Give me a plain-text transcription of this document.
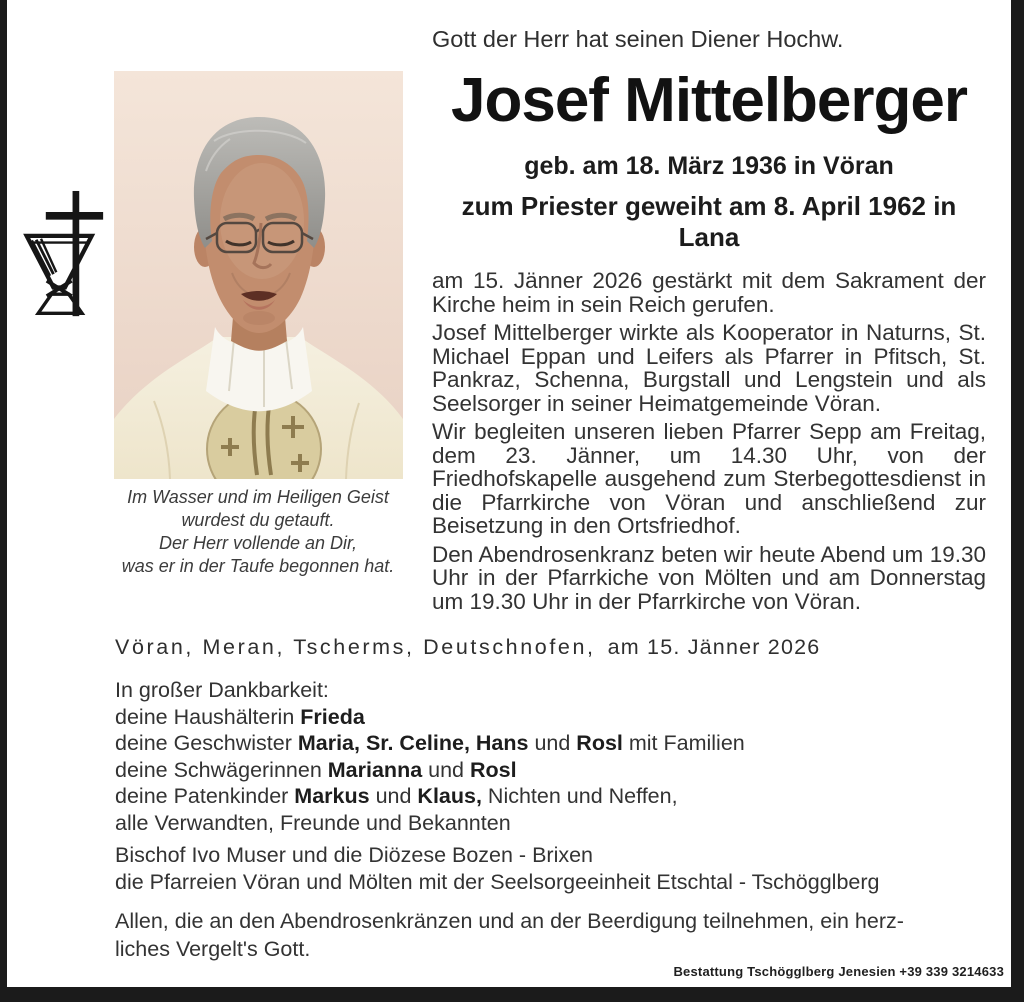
Im Wasser und im Heiligen Geist
wurdest du getauft.
Der Herr vollende an Dir,
was er in der Taufe begonnen hat.
Gott der Herr hat seinen Diener Hochw.
Josef Mittelberger
geb. am 18. März 1936 in Vöran
zum Priester geweiht am 8. April 1962 in Lana
am 15. Jänner 2026 gestärkt mit dem Sakrament der Kirche heim in sein Reich gerufen.
Josef Mittelberger wirkte als Kooperator in Naturns, St. Michael Eppan und Leifers als Pfarrer in Pfitsch, St. Pankraz, Schenna, Burgstall und Lengstein und als Seelsorger in seiner Heimatgemeinde Vöran.
Wir begleiten unseren lieben Pfarrer Sepp am Freitag, dem 23. Jänner, um 14.30 Uhr, von der Friedhofskapelle ausgehend zum Sterbegottesdienst in die Pfarrkirche von Vöran und anschließend zur Beisetzung in den Ortsfriedhof.
Den Abendrosenkranz beten wir heute Abend um 19.30 Uhr in der Pfarrkiche von Mölten und am Donnerstag um 19.30 Uhr in der Pfarrkirche von Vöran.
Vöran, Meran, Tscherms, Deutschnofen, am 15. Jänner 2026
In großer Dankbarkeit:
deine Haushälterin Frieda
deine Geschwister Maria, Sr. Celine, Hans und Rosl mit Familien
deine Schwägerinnen Marianna und Rosl
deine Patenkinder Markus und Klaus, Nichten und Neffen,
alle Verwandten, Freunde und Bekannten
Bischof Ivo Muser und die Diözese Bozen - Brixen
die Pfarreien Vöran und Mölten mit der Seelsorgeeinheit Etschtal - Tschögglberg
Allen, die an den Abendrosenkränzen und an der Beerdigung teilnehmen, ein herz-
liches Vergelt's Gott.
Bestattung Tschögglberg Jenesien +39 339 3214633
